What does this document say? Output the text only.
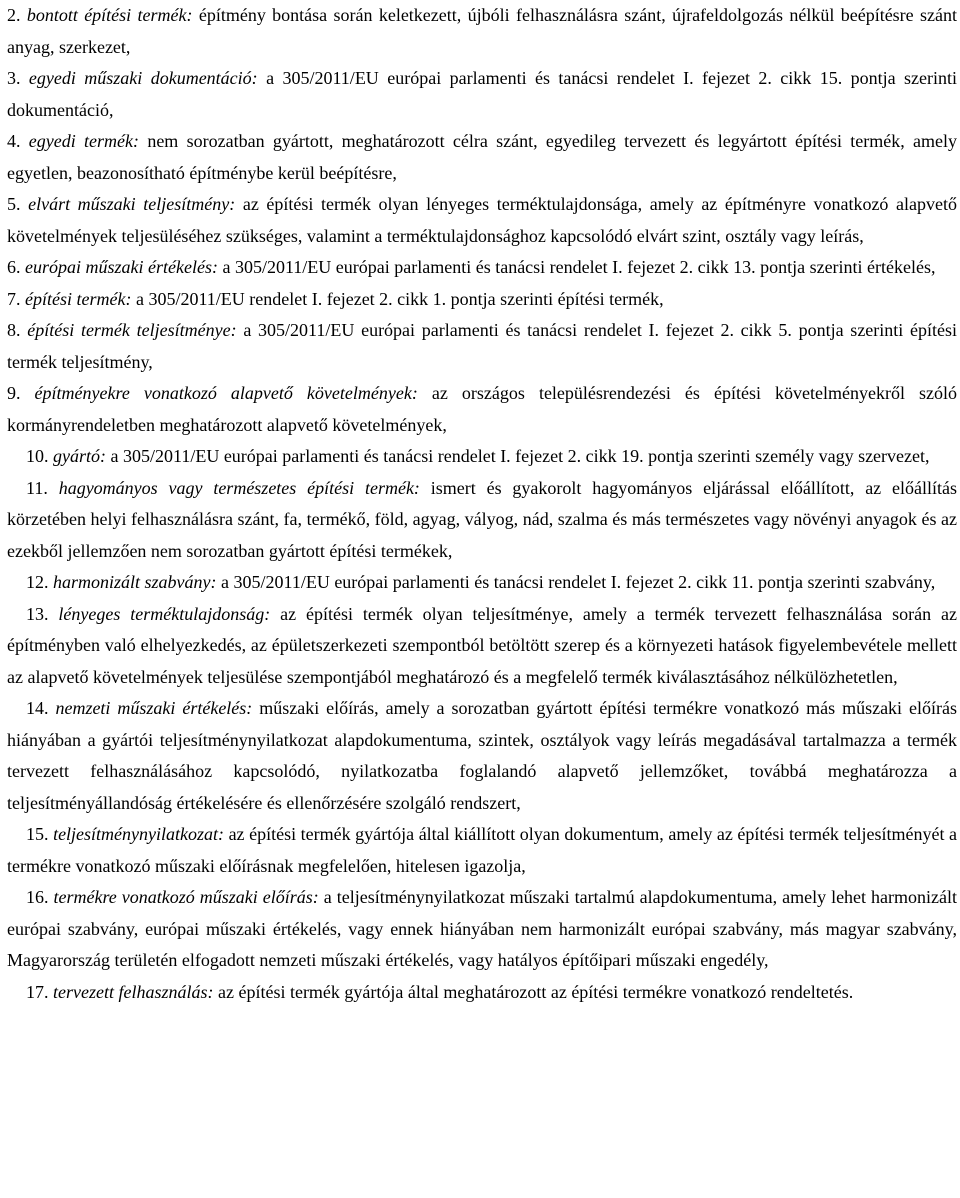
2. bontott építési termék: építmény bontása során keletkezett, újbóli felhasználásra szánt, újrafeldolgozás nélkül beépítésre szánt anyag, szerkezet,

3. egyedi műszaki dokumentáció: a 305/2011/EU európai parlamenti és tanácsi rendelet I. fejezet 2. cikk 15. pontja szerinti dokumentáció,

4. egyedi termék: nem sorozatban gyártott, meghatározott célra szánt, egyedileg tervezett és legyártott építési termék, amely egyetlen, beazonosítható építménybe kerül beépítésre,

5. elvárt műszaki teljesítmény: az építési termék olyan lényeges terméktulajdonsága, amely az építményre vonatkozó alapvető követelmények teljesüléséhez szükséges, valamint a terméktulajdonsághoz kapcsolódó elvárt szint, osztály vagy leírás,

6. európai műszaki értékelés: a 305/2011/EU európai parlamenti és tanácsi rendelet I. fejezet 2. cikk 13. pontja szerinti értékelés,

7. építési termék: a 305/2011/EU rendelet I. fejezet 2. cikk 1. pontja szerinti építési termék,

8. építési termék teljesítménye: a 305/2011/EU európai parlamenti és tanácsi rendelet I. fejezet 2. cikk 5. pontja szerinti építési termék teljesítmény,

9. építményekre vonatkozó alapvető követelmények: az országos településrendezési és építési követelményekről szóló kormányrendeletben meghatározott alapvető követelmények,

10. gyártó: a 305/2011/EU európai parlamenti és tanácsi rendelet I. fejezet 2. cikk 19. pontja szerinti személy vagy szervezet,

11. hagyományos vagy természetes építési termék: ismert és gyakorolt hagyományos eljárással előállított, az előállítás körzetében helyi felhasználásra szánt, fa, termékő, föld, agyag, vályog, nád, szalma és más természetes vagy növényi anyagok és az ezekből jellemzően nem sorozatban gyártott építési termékek,

12. harmonizált szabvány: a 305/2011/EU európai parlamenti és tanácsi rendelet I. fejezet 2. cikk 11. pontja szerinti szabvány,

13. lényeges terméktulajdonság: az építési termék olyan teljesítménye, amely a termék tervezett felhasználása során az építményben való elhelyezkedés, az épületszerkezeti szempontból betöltött szerep és a környezeti hatások figyelembevétele mellett az alapvető követelmények teljesülése szempontjából meghatározó és a megfelelő termék kiválasztásához nélkülözhetetlen,

14. nemzeti műszaki értékelés: műszaki előírás, amely a sorozatban gyártott építési termékre vonatkozó más műszaki előírás hiányában a gyártói teljesítménynyilatkozat alapdokumentuma, szintek, osztályok vagy leírás megadásával tartalmazza a termék tervezett felhasználásához kapcsolódó, nyilatkozatba foglalandó alapvető jellemzőket, továbbá meghatározza a teljesítményállandóság értékelésére és ellenőrzésére szolgáló rendszert,

15. teljesítménynyilatkozat: az építési termék gyártója által kiállított olyan dokumentum, amely az építési termék teljesítményét a termékre vonatkozó műszaki előírásnak megfelelően, hitelesen igazolja,

16. termékre vonatkozó műszaki előírás: a teljesítménynyilatkozat műszaki tartalmú alapdokumentuma, amely lehet harmonizált európai szabvány, európai műszaki értékelés, vagy ennek hiányában nem harmonizált európai szabvány, más magyar szabvány, Magyarország területén elfogadott nemzeti műszaki értékelés, vagy hatályos építőipari műszaki engedély,

17. tervezett felhasználás: az építési termék gyártója által meghatározott az építési termékre vonatkozó rendeltetés.
